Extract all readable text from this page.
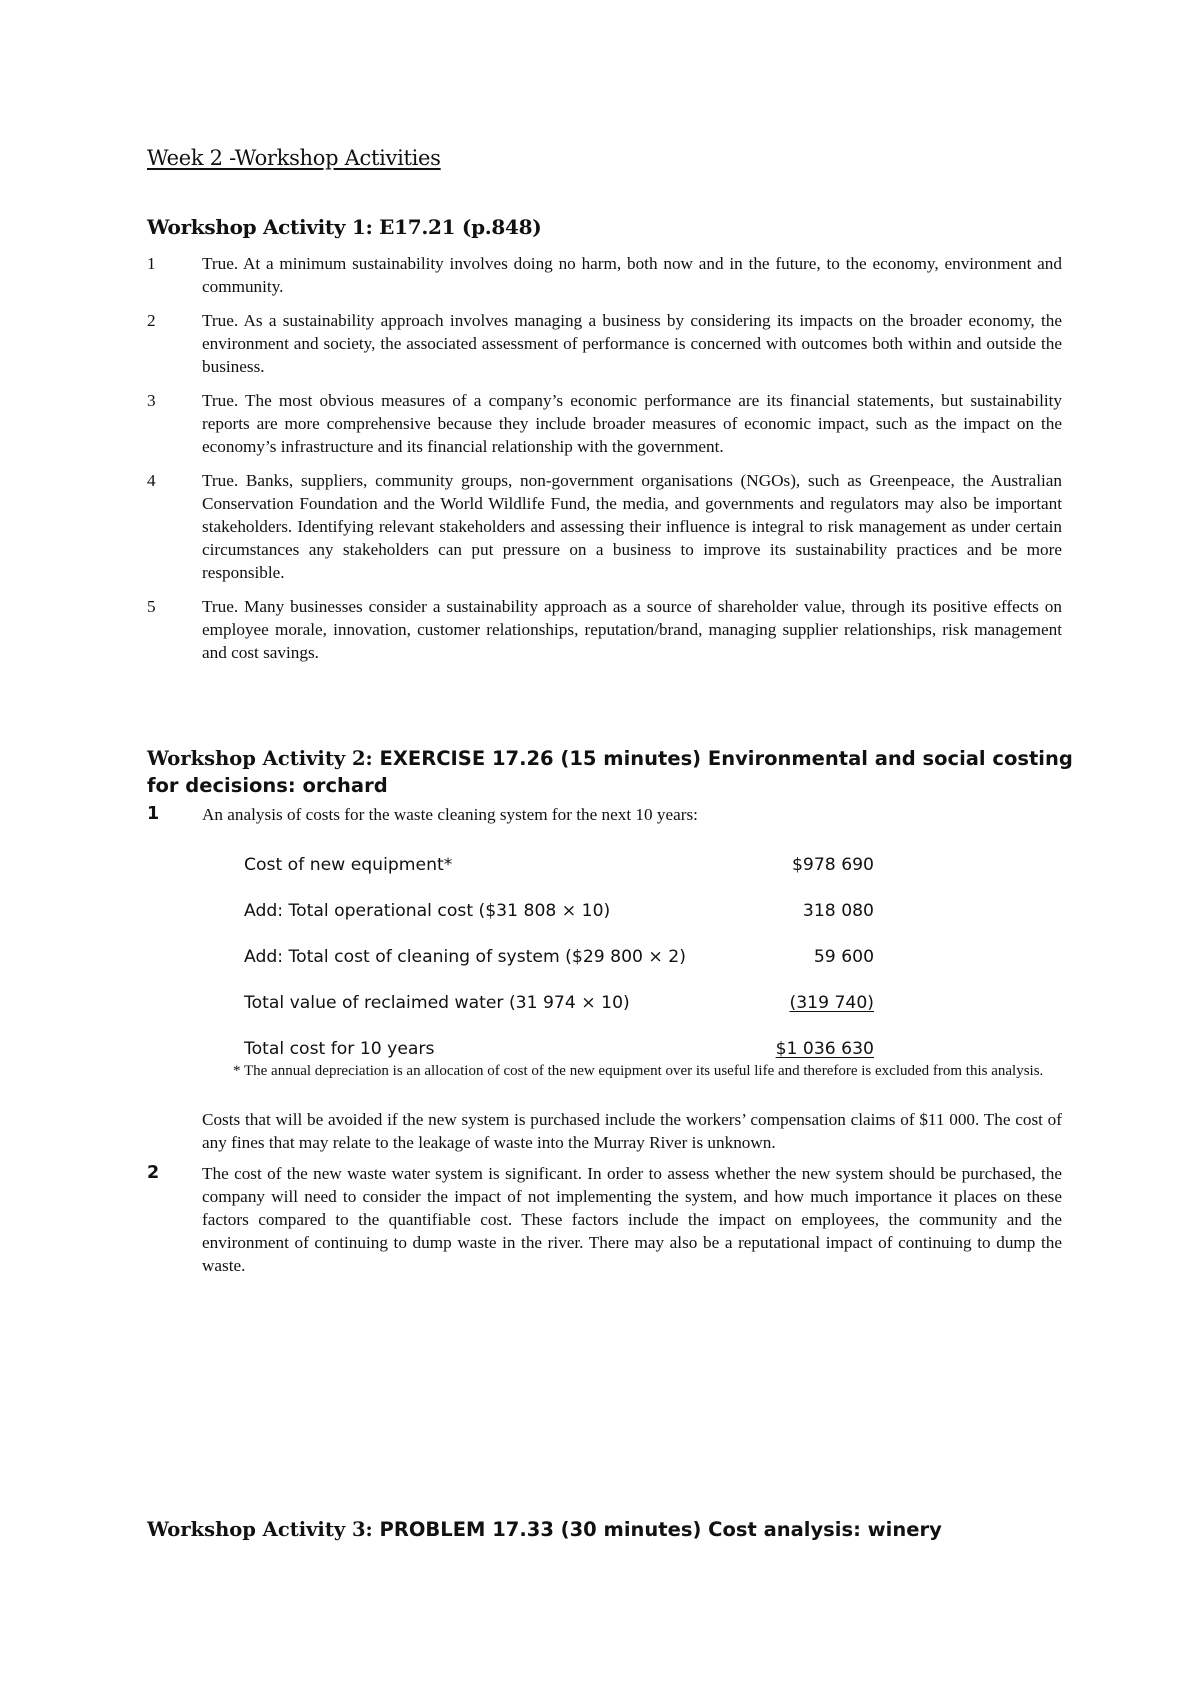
Week 2 -Workshop Activities
Workshop Activity 1: E17.21 (p.848)
1	True. At a minimum sustainability involves doing no harm, both now and in the future, to the economy, environment and community.
2	True. As a sustainability approach involves managing a business by considering its impacts on the broader economy, the environment and society, the associated assessment of performance is concerned with outcomes both within and outside the business.
3	True. The most obvious measures of a company’s economic performance are its financial statements, but sustainability reports are more comprehensive because they include broader measures of economic impact, such as the impact on the economy’s infrastructure and its financial relationship with the government.
4	True. Banks, suppliers, community groups, non-government organisations (NGOs), such as Greenpeace, the Australian Conservation Foundation and the World Wildlife Fund, the media, and governments and regulators may also be important stakeholders. Identifying relevant stakeholders and assessing their influence is integral to risk management as under certain circumstances any stakeholders can put pressure on a business to improve its sustainability practices and be more responsible.
5	True. Many businesses consider a sustainability approach as a source of shareholder value, through its positive effects on employee morale, innovation, customer relationships, reputation/brand, managing supplier relationships, risk management and cost savings.
Workshop Activity 2: EXERCISE 17.26 (15 minutes) Environmental and social costing for decisions: orchard
1	An analysis of costs for the waste cleaning system for the next 10 years:
Cost of new equipment*	$978 690
Add: Total operational cost ($31 808 × 10)	318 080
Add: Total cost of cleaning of system ($29 800 × 2)	59 600
Total value of reclaimed water (31 974 × 10)	(319 740)
Total cost for 10 years	$1 036 630
* The annual depreciation is an allocation of cost of the new equipment over its useful life and therefore is excluded from this analysis.
Costs that will be avoided if the new system is purchased include the workers’ compensation claims of $11 000. The cost of any fines that may relate to the leakage of waste into the Murray River is unknown.
2	The cost of the new waste water system is significant. In order to assess whether the new system should be purchased, the company will need to consider the impact of not implementing the system, and how much importance it places on these factors compared to the quantifiable cost. These factors include the impact on employees, the community and the environment of continuing to dump waste in the river. There may also be a reputational impact of continuing to dump the waste.
Workshop Activity 3: PROBLEM 17.33 (30 minutes) Cost analysis: winery
